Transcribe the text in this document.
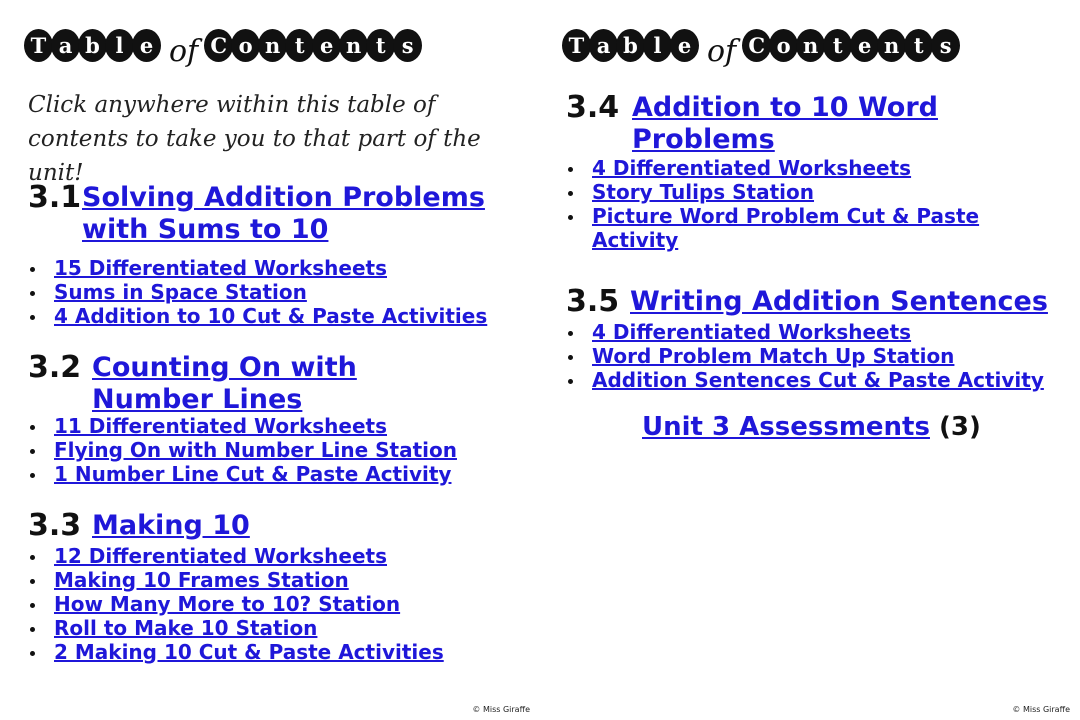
T a b l e of C o n t e n t s
Click anywhere within this table of contents to take you to that part of the unit!
3.1 Solving Addition Problems with Sums to 10
15 Differentiated Worksheets
Sums in Space Station
4 Addition to 10 Cut & Paste Activities
3.2 Counting On with Number Lines
11 Differentiated Worksheets
Flying On with Number Line Station
1 Number Line Cut & Paste Activity
3.3 Making 10
12 Differentiated Worksheets
Making 10 Frames Station
How Many More to 10? Station
Roll to Make 10 Station
2 Making 10 Cut & Paste Activities
© Miss Giraffe
T a b l e of C o n t e n t s
3.4 Addition to 10 Word Problems
4 Differentiated Worksheets
Story Tulips Station
Picture Word Problem Cut & Paste Activity
3.5 Writing Addition Sentences
4 Differentiated Worksheets
Word Problem Match Up Station
Addition Sentences Cut & Paste Activity
Unit 3 Assessments (3)
© Miss Giraffe
